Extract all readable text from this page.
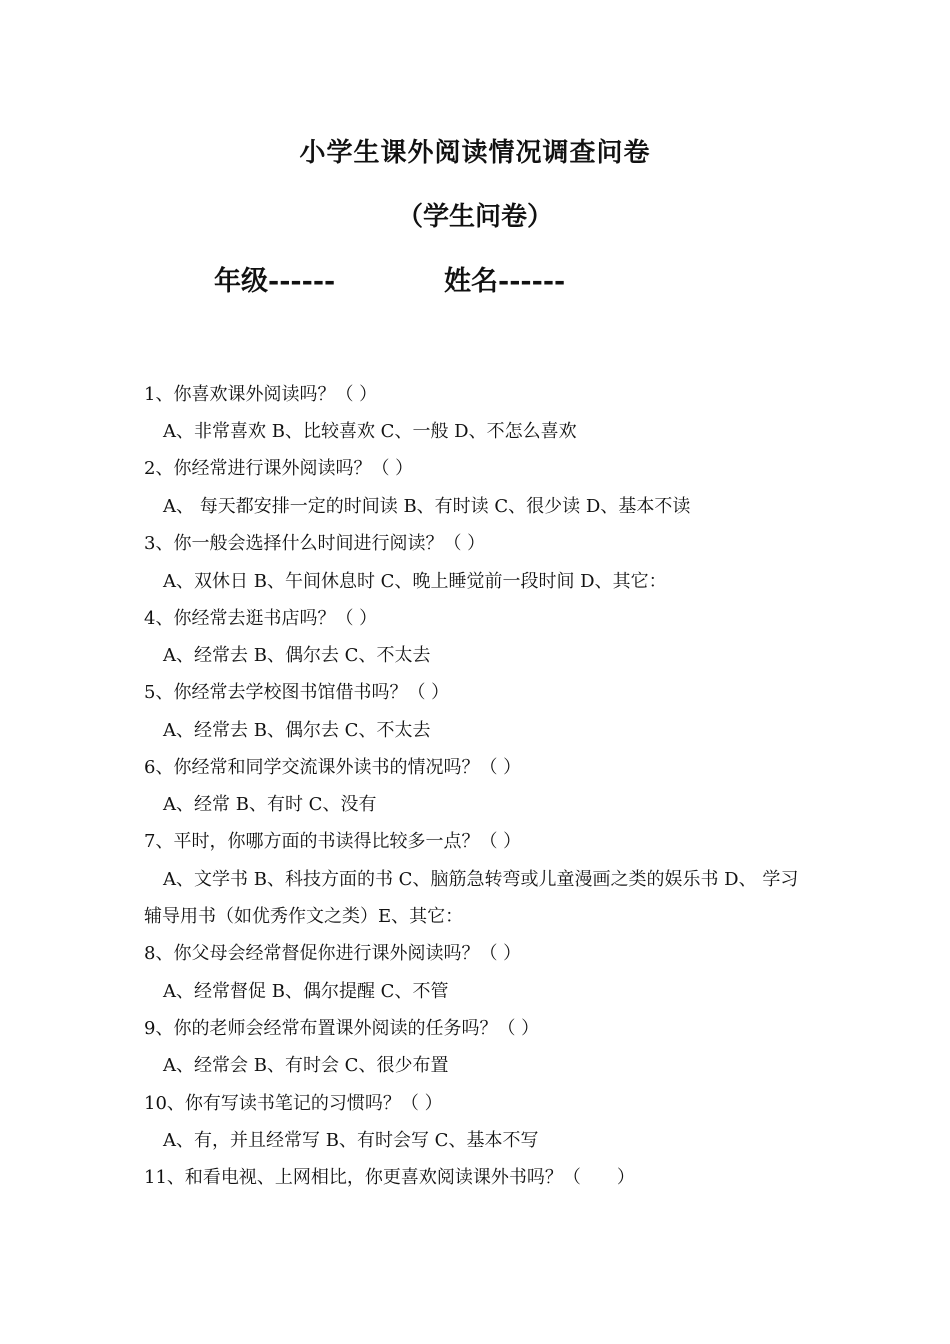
小学生课外阅读情况调查问卷
（学生问卷）
年级------	姓名------
1、你喜欢课外阅读吗？（ ）
A、非常喜欢 B、比较喜欢 C、一般 D、不怎么喜欢
2、你经常进行课外阅读吗？（ ）
A、 每天都安排一定的时间读 B、有时读 C、很少读 D、基本不读
3、你一般会选择什么时间进行阅读？（ ）
A、双休日 B、午间休息时 C、晚上睡觉前一段时间 D、其它：
4、你经常去逛书店吗？（ ）
A、经常去 B、偶尔去 C、不太去
5、你经常去学校图书馆借书吗？（ ）
A、经常去 B、偶尔去 C、不太去
6、你经常和同学交流课外读书的情况吗？（ ）
A、经常 B、有时 C、没有
7、平时，你哪方面的书读得比较多一点？（ ）
A、文学书 B、科技方面的书 C、脑筋急转弯或儿童漫画之类的娱乐书 D、 学习
辅导用书（如优秀作文之类）E、其它：
8、你父母会经常督促你进行课外阅读吗？（ ）
A、经常督促 B、偶尔提醒 C、不管
9、你的老师会经常布置课外阅读的任务吗？（ ）
A、经常会 B、有时会 C、很少布置
10、你有写读书笔记的习惯吗？（ ）
A、有，并且经常写 B、有时会写 C、基本不写
11、和看电视、上网相比，你更喜欢阅读课外书吗？（　　）
